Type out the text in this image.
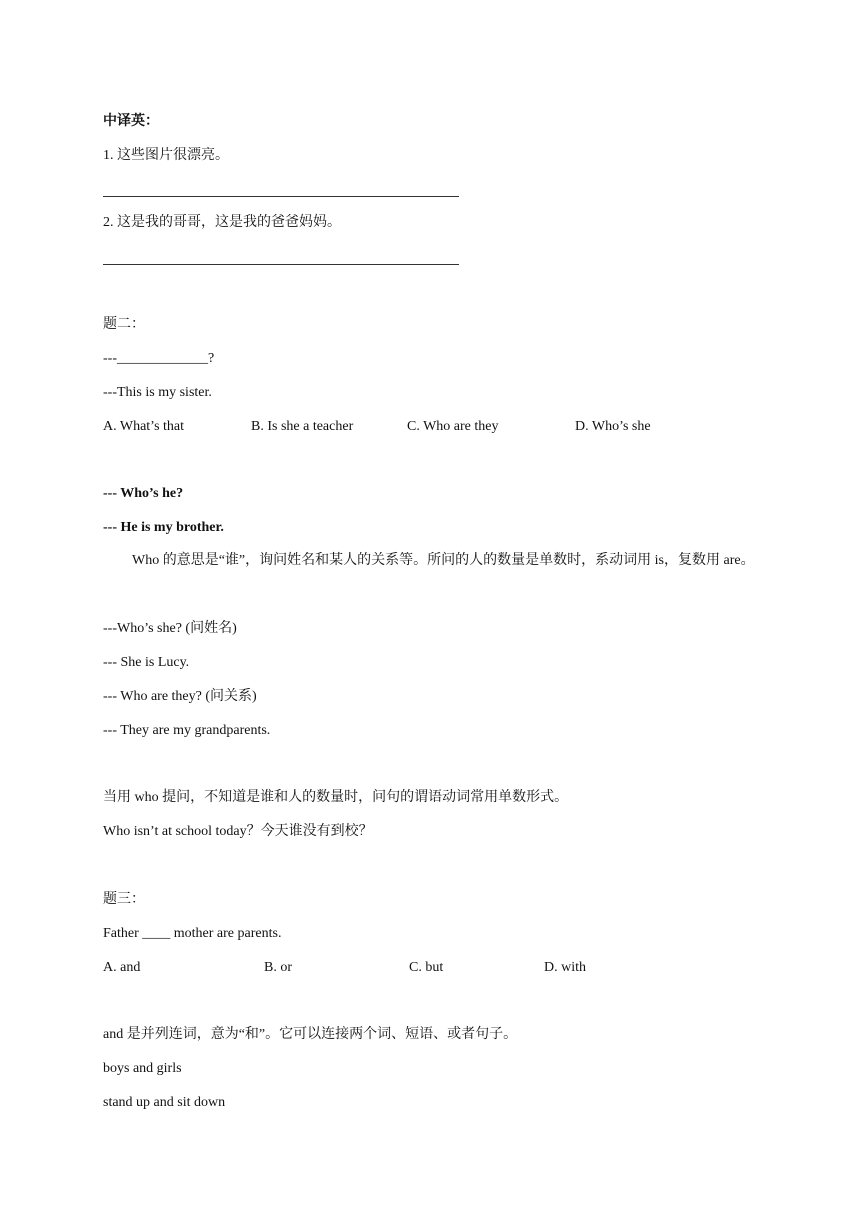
中译英：
1. 这些图片很漂亮。
2. 这是我的哥哥，这是我的爸爸妈妈。
题二：
---_____________?
---This is my sister.
A. What’s that	B. Is she a teacher	C. Who are they	D. Who’s she
--- Who’s he?
--- He is my brother.
Who 的意思是“谁”，询问姓名和某人的关系等。所问的人的数量是单数时，系动词用 is，复数用 are。
---Who’s she? (问姓名)
--- She is Lucy.
--- Who are they? (问关系)
--- They are my grandparents.
当用 who 提问，不知道是谁和人的数量时，问句的谓语动词常用单数形式。
Who isn’t at school today？今天谁没有到校？
题三：
Father ____ mother are parents.
A. and	B. or	C. but	D. with
and 是并列连词，意为“和”。它可以连接两个词、短语、或者句子。
boys and girls
stand up and sit down
